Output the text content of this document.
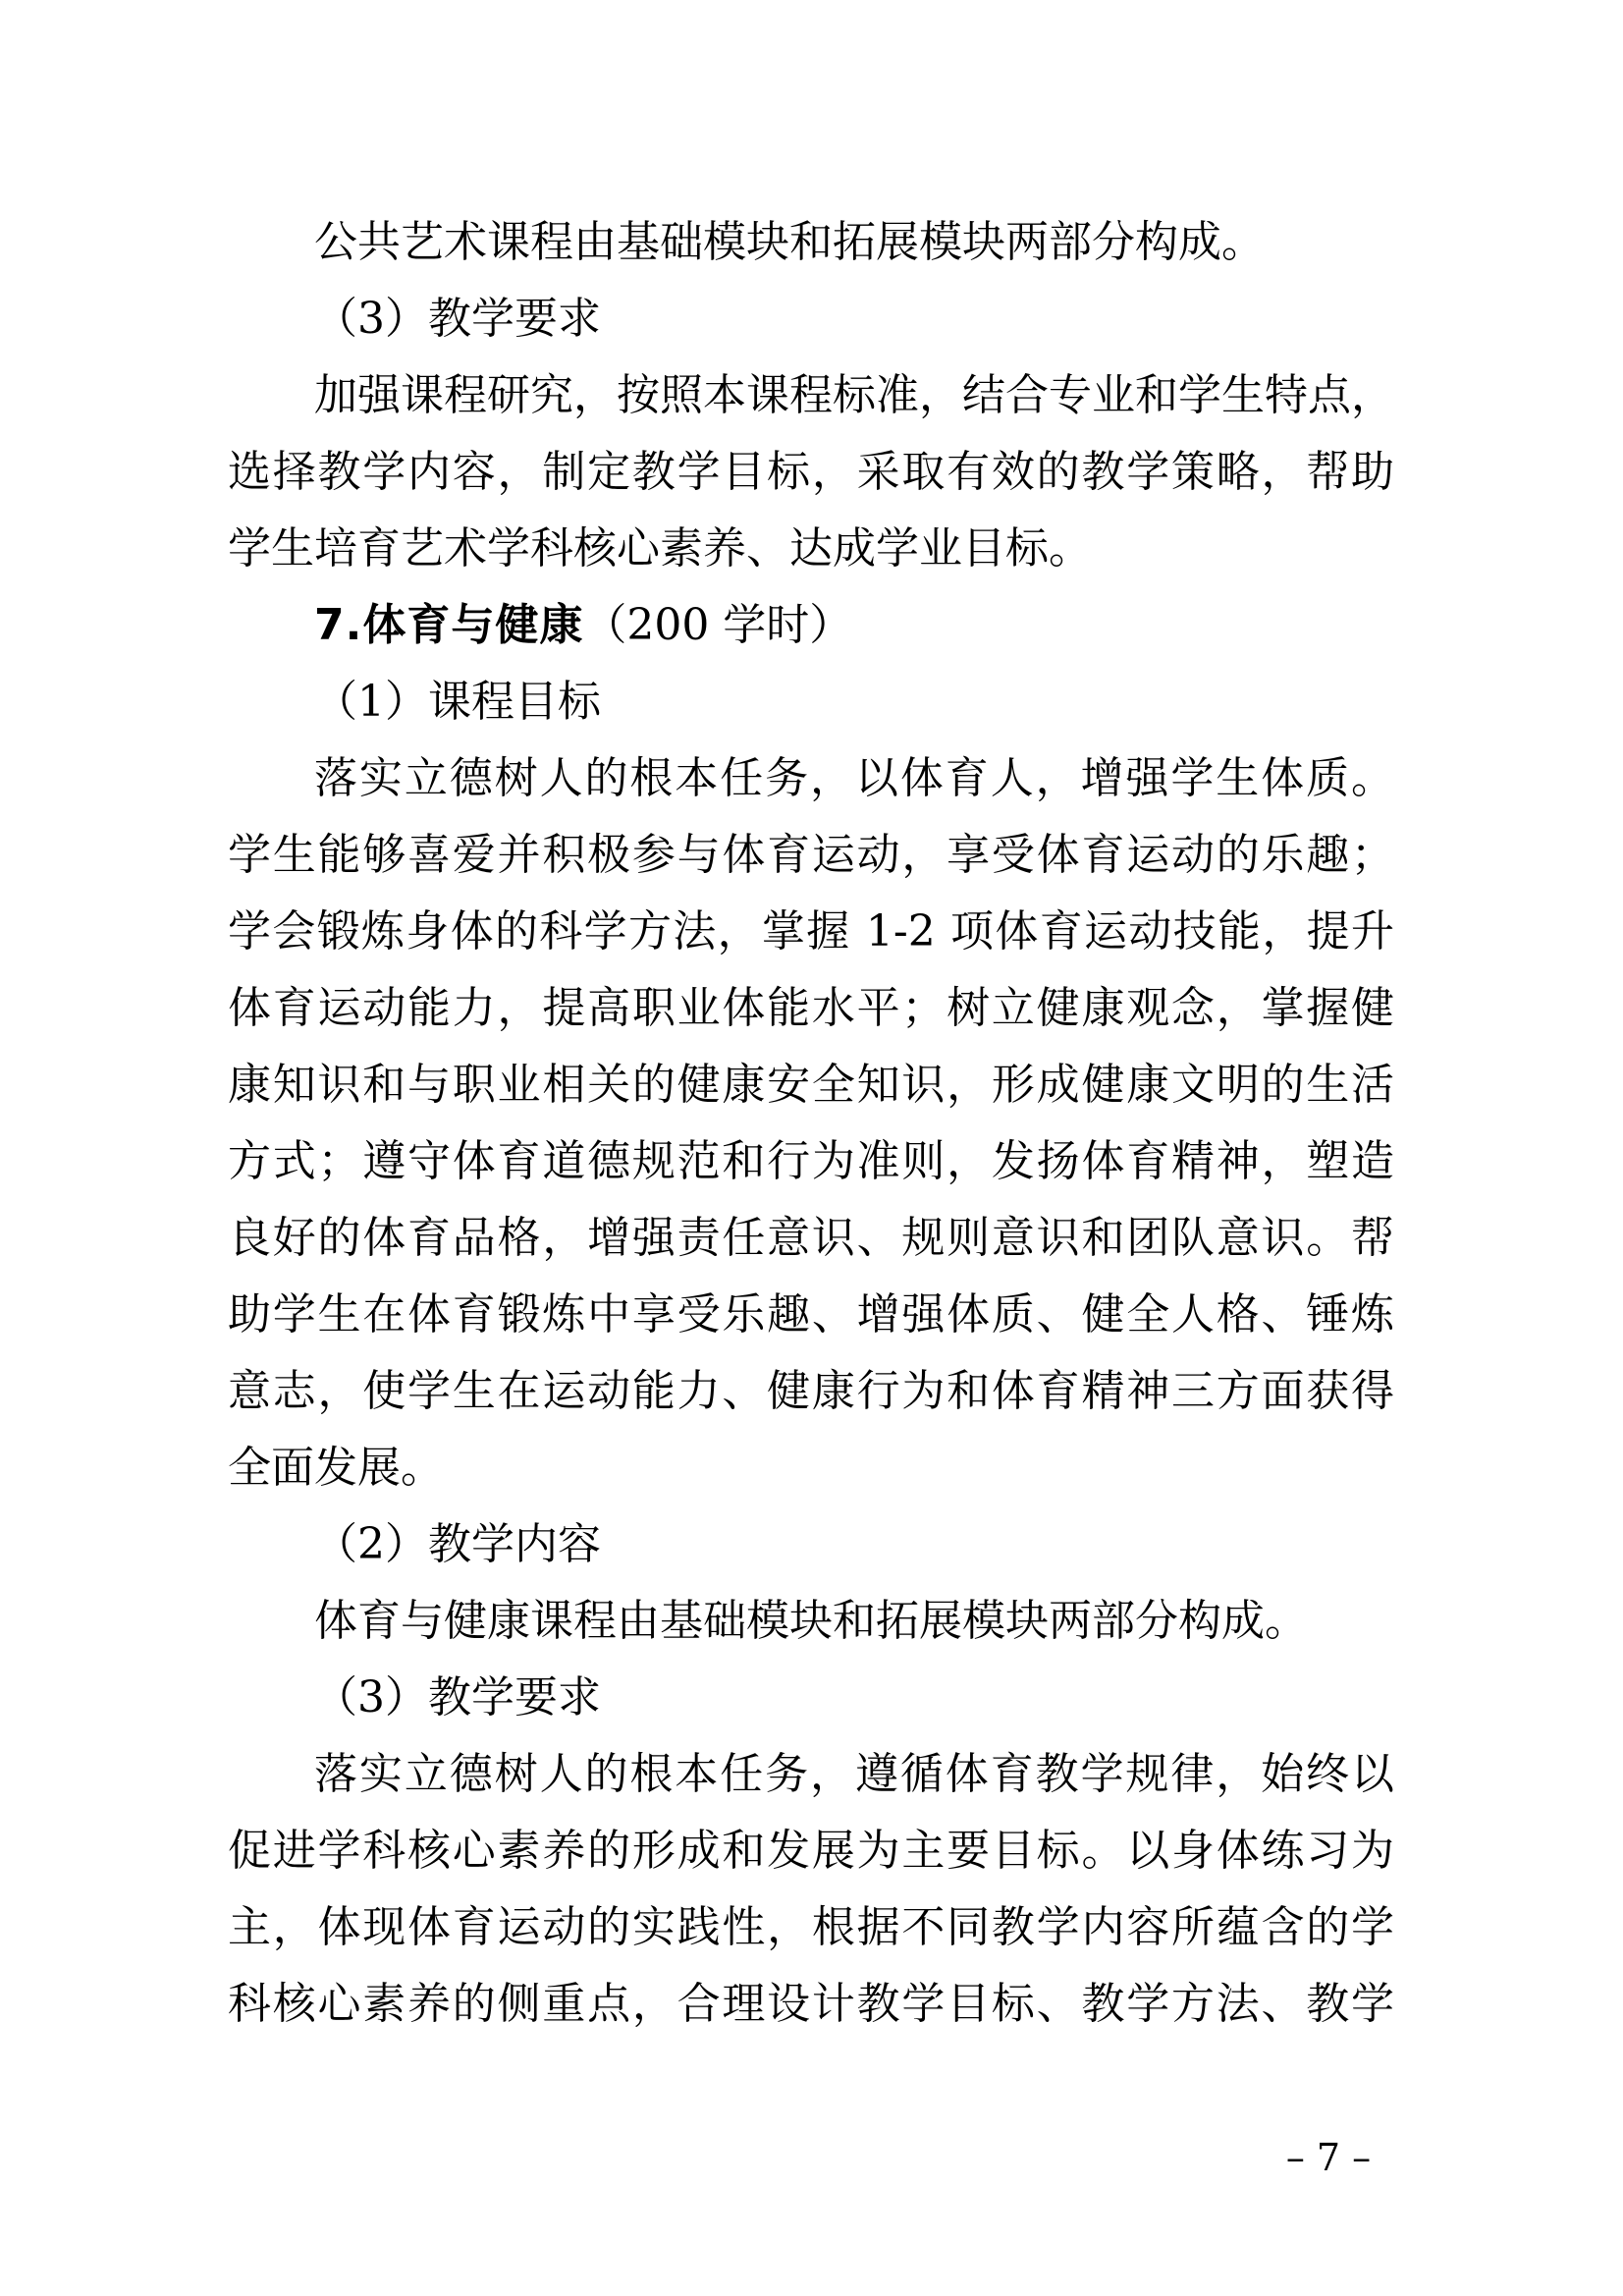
公共艺术课程由基础模块和拓展模块两部分构成。
（3）教学要求
加强课程研究，按照本课程标准，结合专业和学生特点，
选择教学内容，制定教学目标，采取有效的教学策略，帮助
学生培育艺术学科核心素养、达成学业目标。
7.体育与健康（200 学时）
（1）课程目标
落实立德树人的根本任务，以体育人，增强学生体质。
学生能够喜爱并积极参与体育运动，享受体育运动的乐趣；
学会锻炼身体的科学方法，掌握 1-2 项体育运动技能，提升
体育运动能力，提高职业体能水平；树立健康观念，掌握健
康知识和与职业相关的健康安全知识，形成健康文明的生活
方式；遵守体育道德规范和行为准则，发扬体育精神，塑造
良好的体育品格，增强责任意识、规则意识和团队意识。帮
助学生在体育锻炼中享受乐趣、增强体质、健全人格、锤炼
意志，使学生在运动能力、健康行为和体育精神三方面获得
全面发展。
（2）教学内容
体育与健康课程由基础模块和拓展模块两部分构成。
（3）教学要求
落实立德树人的根本任务，遵循体育教学规律，始终以
促进学科核心素养的形成和发展为主要目标。以身体练习为
主，体现体育运动的实践性，根据不同教学内容所蕴含的学
科核心素养的侧重点，合理设计教学目标、教学方法、教学
– 7 –
